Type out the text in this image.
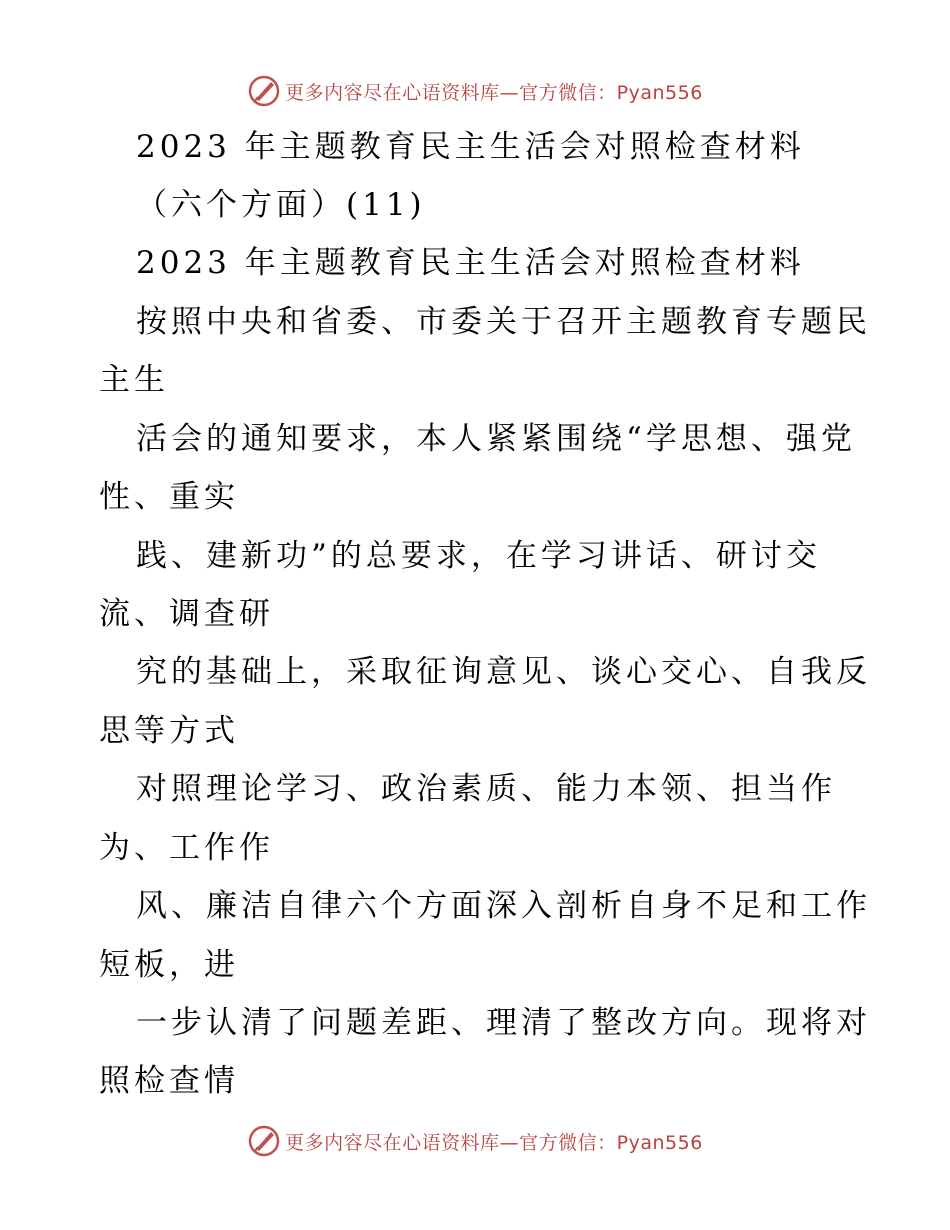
更多内容尽在心语资料库—官方微信：Pyan556
2023 年主题教育民主生活会对照检查材料
（六个方面）(11)
2023 年主题教育民主生活会对照检查材料
按照中央和省委、市委关于召开主题教育专题民
主生
活会的通知要求，本人紧紧围绕“学思想、强党
性、重实
践、建新功”的总要求，在学习讲话、研讨交
流、调查研
究的基础上，采取征询意见、谈心交心、自我反
思等方式
对照理论学习、政治素质、能力本领、担当作
为、工作作
风、廉洁自律六个方面深入剖析自身不足和工作
短板，进
一步认清了问题差距、理清了整改方向。现将对
照检查情
更多内容尽在心语资料库—官方微信：Pyan556
